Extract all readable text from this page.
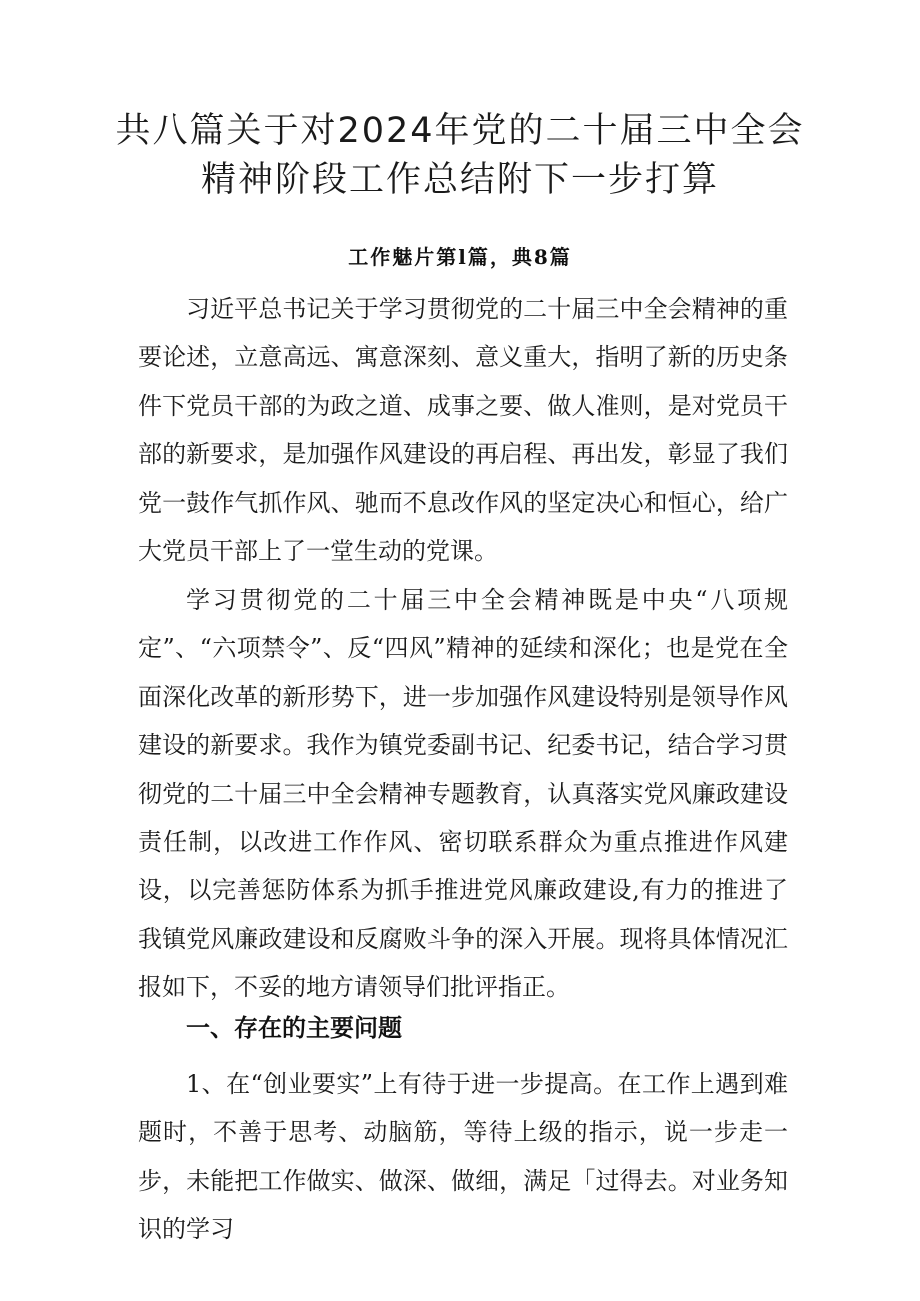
共八篇关于对2024年党的二十届三中全会
精神阶段工作总结附下一步打算
工作魅片第l篇，典8篇
习近平总书记关于学习贯彻党的二十届三中全会精神的重要论述，立意高远、寓意深刻、意义重大，指明了新的历史条件下党员干部的为政之道、成事之要、做人准则，是对党员干部的新要求，是加强作风建设的再启程、再出发，彰显了我们党一鼓作气抓作风、驰而不息改作风的坚定决心和恒心，给广大党员干部上了一堂生动的党课。
学习贯彻党的二十届三中全会精神既是中央“八项规定”、“六项禁令”、反“四风”精神的延续和深化；也是党在全面深化改革的新形势下，进一步加强作风建设特别是领导作风建设的新要求。我作为镇党委副书记、纪委书记，结合学习贯彻党的二十届三中全会精神专题教育，认真落实党风廉政建设责任制，以改进工作作风、密切联系群众为重点推进作风建设，以完善惩防体系为抓手推进党风廉政建设,有力的推进了我镇党风廉政建设和反腐败斗争的深入开展。现将具体情况汇报如下，不妥的地方请领导们批评指正。
一、存在的主要问题
1、在“创业要实”上有待于进一步提高。在工作上遇到难题时，不善于思考、动脑筋，等待上级的指示，说一步走一步，未能把工作做实、做深、做细，满足「过得去。对业务知识的学习
